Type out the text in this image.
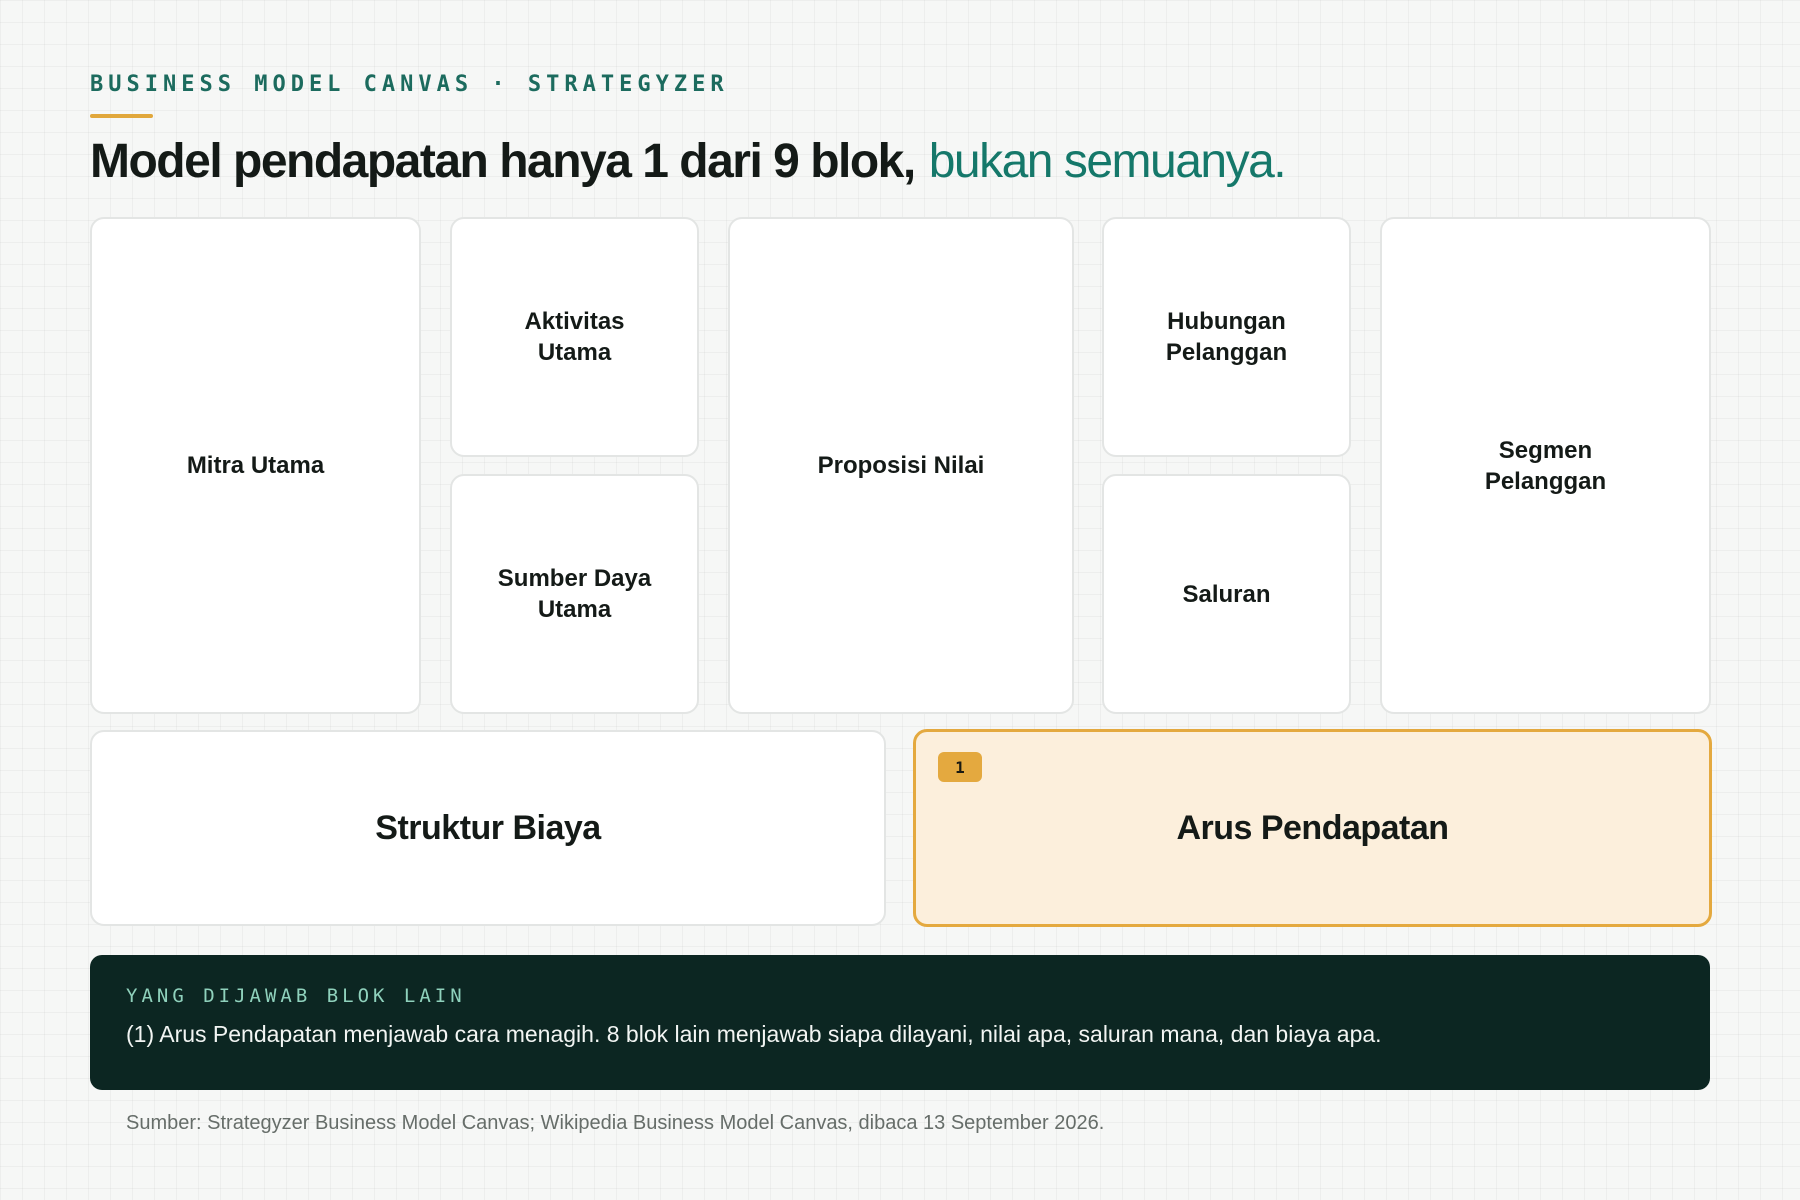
BUSINESS MODEL CANVAS · STRATEGYZER
Model pendapatan hanya 1 dari 9 blok, bukan semuanya.
Mitra Utama
Aktivitas
Utama
Sumber Daya
Utama
Proposisi Nilai
Hubungan
Pelanggan
Saluran
Segmen
Pelanggan
Struktur Biaya
1
Arus Pendapatan
YANG DIJAWAB BLOK LAIN
(1) Arus Pendapatan menjawab cara menagih. 8 blok lain menjawab siapa dilayani, nilai apa, saluran mana, dan biaya apa.
Sumber: Strategyzer Business Model Canvas; Wikipedia Business Model Canvas, dibaca 13 September 2026.
